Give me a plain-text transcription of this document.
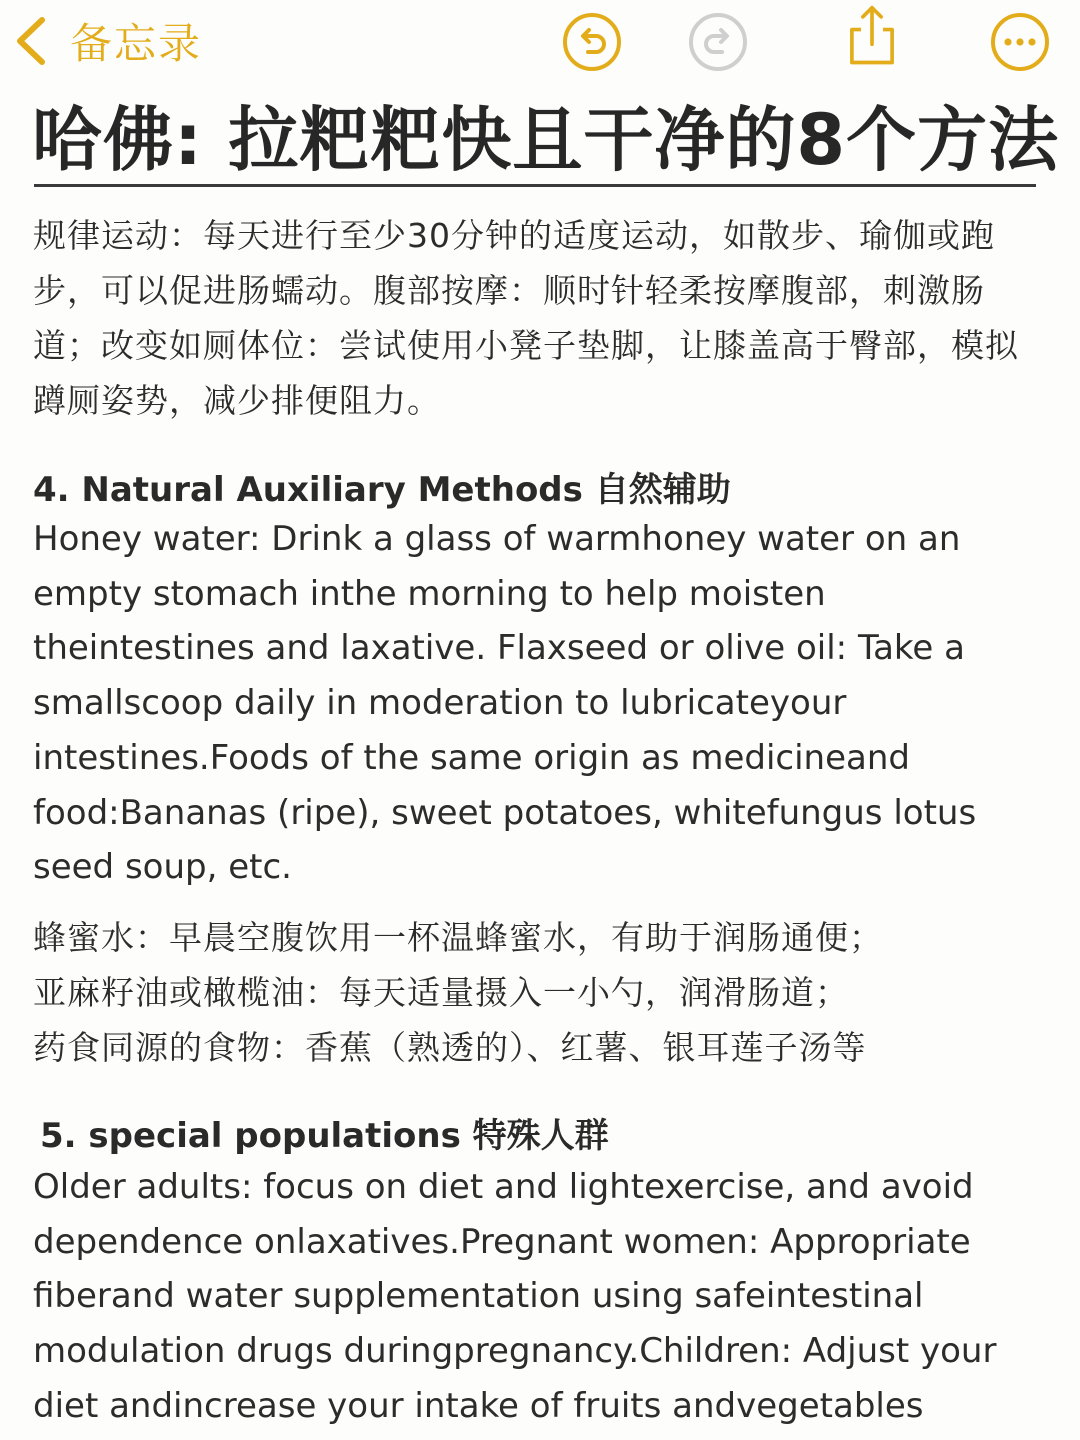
备忘录
哈佛: 拉粑粑快且干净的8个方法

规律运动：每天进行至少30分钟的适度运动，如散步、瑜伽或跑步，可以促进肠蠕动。腹部按摩：顺时针轻柔按摩腹部，刺激肠道；改变如厕体位：尝试使用小凳子垫脚，让膝盖高于臀部，模拟蹲厕姿势，减少排便阻力。

4. Natural Auxiliary Methods 自然辅助

Honey water: Drink a glass of warmhoney water on an empty stomach inthe morning to help moisten theintestines and laxative. Flaxseed or olive oil: Take a smallscoop daily in moderation to lubricateyour intestines.Foods of the same origin as medicineand food:Bananas (ripe), sweet potatoes, whitefungus lotus seed soup, etc.

蜂蜜水：早晨空腹饮用一杯温蜂蜜水，有助于润肠通便；
亚麻籽油或橄榄油：每天适量摄入一小勺，润滑肠道；
药食同源的食物：香蕉（熟透的）、红薯、银耳莲子汤等
5. special populations 特殊人群

Older adults: focus on diet and lightexercise, and avoid dependence onlaxatives.Pregnant women: Appropriate fiberand water supplementation using safeintestinal modulation drugs duringpregnancy.Children: Adjust your diet andincrease your intake of fruits andvegetables
